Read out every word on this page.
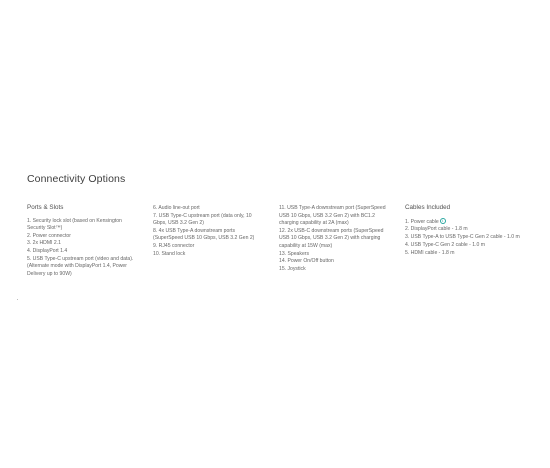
Connectivity Options
Ports & Slots
1. Security lock slot (based on Kensington Security Slot™)
2. Power connector
3. 2x HDMI 2.1
4. DisplayPort 1.4
5. USB Type-C upstream port (video and data). (Alternate mode with DisplayPort 1.4, Power Delivery up to 90W)
6. Audio line-out port
7. USB Type-C upstream port (data only, 10 Gbps, USB 3.2 Gen 2)
8. 4x USB Type-A downstream ports (SuperSpeed USB 10 Gbps, USB 3.2 Gen 2)
9. RJ45 connector
10. Stand lock
11. USB Type-A downstream port (SuperSpeed USB 10 Gbps, USB 3.2 Gen 2) with BC1.2 charging capability at 2A (max)
12. 2x USB-C downstream ports (SuperSpeed USB 10 Gbps, USB 3.2 Gen 2) with charging capability at 15W (max)
13. Speakers
14. Power On/Off button
15. Joystick
Cables Included
1. Power cable i
2. DisplayPort cable - 1.8 m
3. USB Type-A to USB Type-C Gen 2 cable - 1.0 m
4. USB Type-C Gen 2 cable - 1.0 m
5. HDMI cable - 1.8 m
